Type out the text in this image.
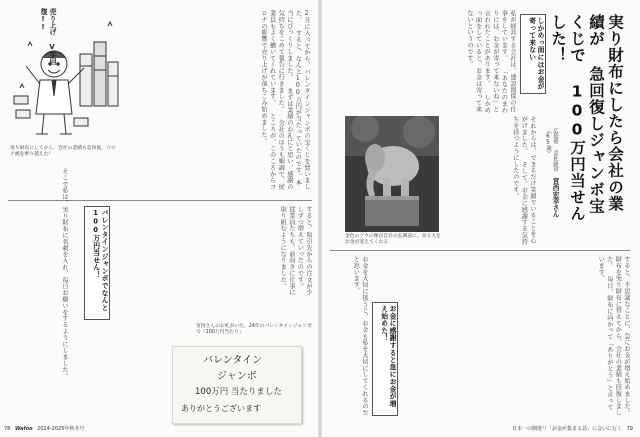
売り上げ V字回復!!
実り財布にしてから、会社の業績も急回復。コロナ禍を乗り越えた！	2月に入ってから、バレンタインジャンボの宝くじを買いました。 すると、なんと100万円が当たっていたのです。本当にびっくりしました。 まずは業績のお礼にと思い、感謝の気持ちをこめて報告に行きました。 会社のほうも順調で、従業員もよく働いてくれています。 ところが、このころからコロナの影響で売り上げが落ちこみ始めました。
そこで私は、実り財布に名刺を入れ、毎日お願いをするようにしました。	バレンタインジャンボでなんと100万円当せん！	すると、取引先からの注文が少しずつ増えていったのです。 従業員たちも、前向きに仕事に取り組むようになりました。
宮西さんのお札がいた。24年のバレンタインジャンボで「100万円当たり」
バレンタイン
ジャンボ
100万円 当たりました
ありがとうございます
78 Wafoo 2024-2025年秋冬号
実り財布にしたら会社の業績が 急回復しジャンボ宝くじで 100万円当せんした！
広島県 会社経営 宮西宏幸さん （65歳）
しかめっ面にはお金が寄って来ない
私が経営する会社は、建設関係の仕事をしています。 「あなたのまわりには、お金が寄って来ないね」と言われたことがあります。 しかめっ面をしていると、お金は寄って来ないというのです。
金色のゾウの像が自社の玄関前に。来る人をお金が迎えてくれる	それからは、できるだけ笑顔でいることを心がけました。 そして、お金に感謝する気持ちを持つようにしたのです。
すると、不思議なことに、急にお金が増え始めました。 財布を実り財布に替えてから、会社の業績も回復しました。 毎日、財布に向かって「ありがとう」と言っています。
お金に感謝すると急にお金が増え始めた！
お金を大切に扱うと、お金も私を大切にしてくれるのだと思います。
日本一の開運リ「お金が集まる話」に会いに行く 79
